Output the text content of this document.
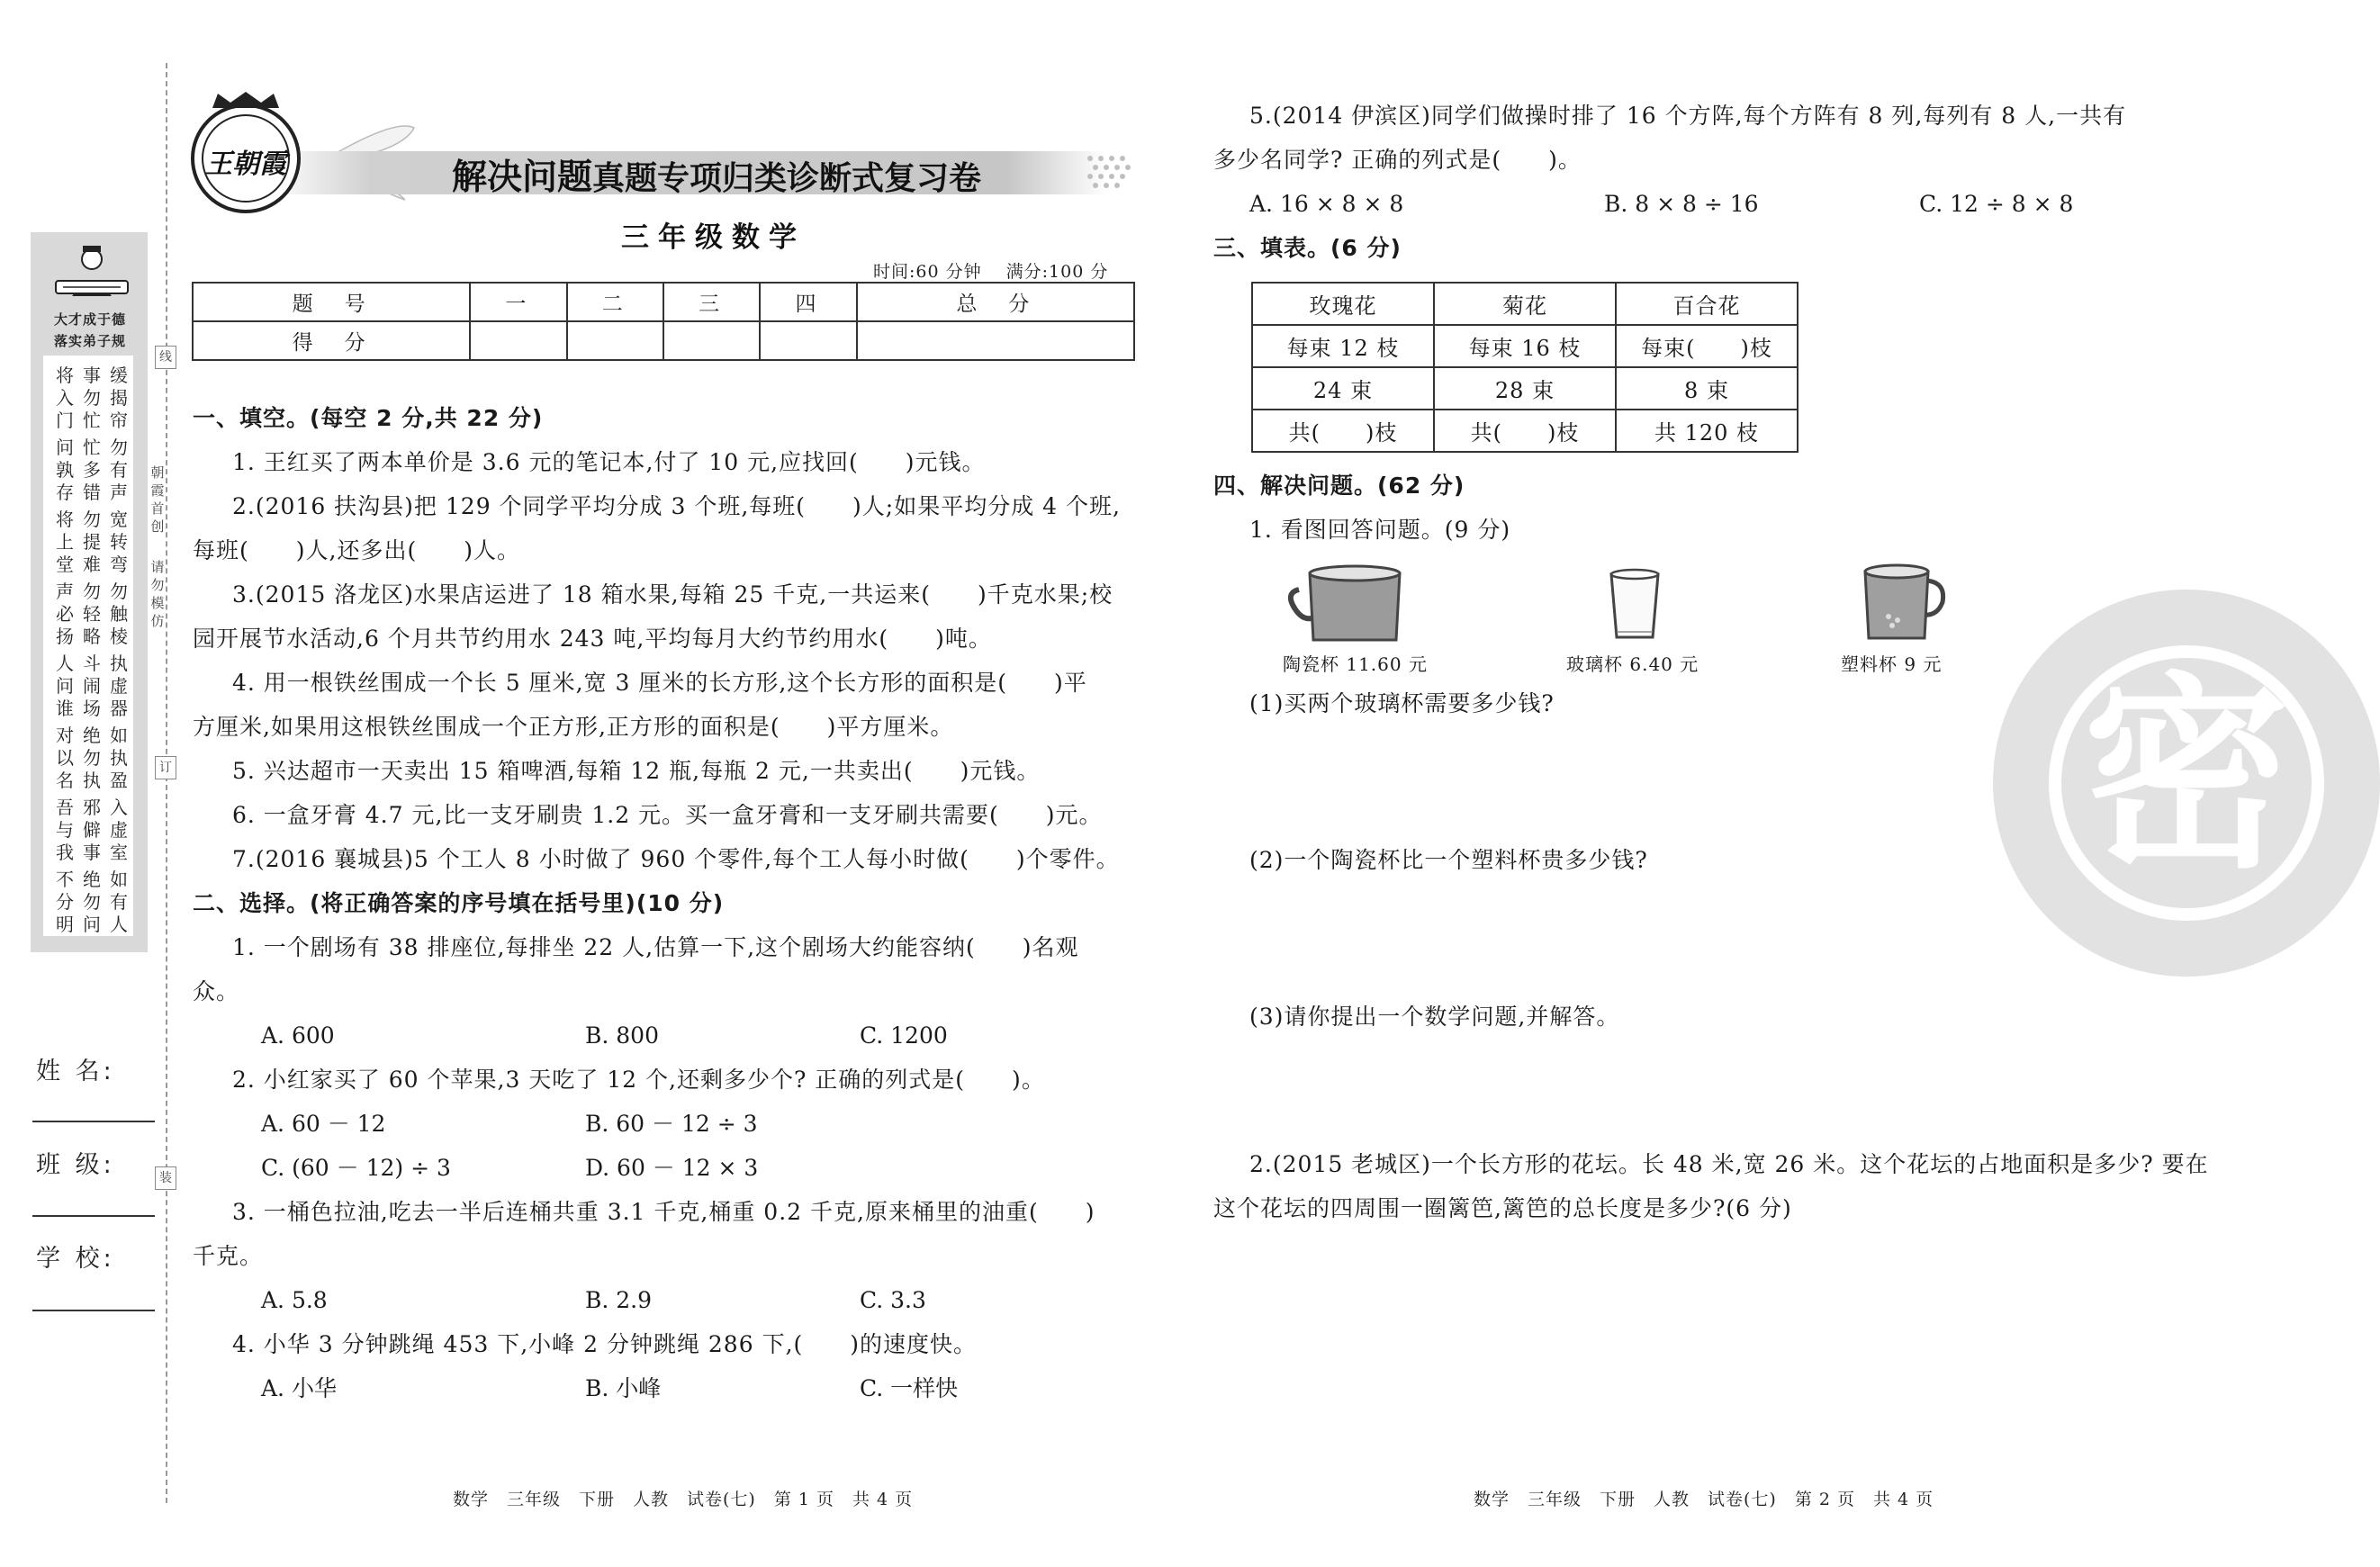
线
订
装
朝霞首创
请勿模仿
大才成于德
落实弟子规
将入门
事勿忙
缓揭帘
问孰存
忙多错
勿有声
将上堂
勿提难
宽转弯
声必扬
勿轻略
勿触棱
人问谁
斗闹场
执虚器
对以名
绝勿执
如执盈
吾与我
邪僻事
入虚室
不分明
绝勿问
如有人
姓 名:
班 级:
学 校:
王朝霞	解决问题真题专项归类诊断式复习卷
三年级数学
时间:60 分钟　 满分:100 分
题　号	一	二	三	四	总　分
得　分					
一、填空。(每空 2 分,共 22 分)
1. 王红买了两本单价是 3.6 元的笔记本,付了 10 元,应找回(　　)元钱。
2.(2016 扶沟县)把 129 个同学平均分成 3 个班,每班(　　)人;如果平均分成 4 个班,
每班(　　)人,还多出(　　)人。
3.(2015 洛龙区)水果店运进了 18 箱水果,每箱 25 千克,一共运来(　　)千克水果;校
园开展节水活动,6 个月共节约用水 243 吨,平均每月大约节约用水(　　)吨。
4. 用一根铁丝围成一个长 5 厘米,宽 3 厘米的长方形,这个长方形的面积是(　　)平
方厘米,如果用这根铁丝围成一个正方形,正方形的面积是(　　)平方厘米。
5. 兴达超市一天卖出 15 箱啤酒,每箱 12 瓶,每瓶 2 元,一共卖出(　　)元钱。
6. 一盒牙膏 4.7 元,比一支牙刷贵 1.2 元。买一盒牙膏和一支牙刷共需要(　　)元。
7.(2016 襄城县)5 个工人 8 小时做了 960 个零件,每个工人每小时做(　　)个零件。
二、选择。(将正确答案的序号填在括号里)(10 分)
1. 一个剧场有 38 排座位,每排坐 22 人,估算一下,这个剧场大约能容纳(　　)名观
众。
A. 600	B. 800	C. 1200
2. 小红家买了 60 个苹果,3 天吃了 12 个,还剩多少个? 正确的列式是(　　)。
A. 60 － 12	B. 60 － 12 ÷ 3
C. (60 － 12) ÷ 3	D. 60 － 12 × 3
3. 一桶色拉油,吃去一半后连桶共重 3.1 千克,桶重 0.2 千克,原来桶里的油重(　　)
千克。
A. 5.8	B. 2.9	C. 3.3
4. 小华 3 分钟跳绳 453 下,小峰 2 分钟跳绳 286 下,(　　)的速度快。
A. 小华	B. 小峰	C. 一样快
5.(2014 伊滨区)同学们做操时排了 16 个方阵,每个方阵有 8 列,每列有 8 人,一共有
多少名同学? 正确的列式是(　　)。
A. 16 × 8 × 8	B. 8 × 8 ÷ 16	C. 12 ÷ 8 × 8
三、填表。(6 分)
玫瑰花	菊花	百合花
每束 12 枝	每束 16 枝	每束(　　)枝
24 束	28 束	8 束
共(　　)枝	共(　　)枝	共 120 枝
四、解决问题。(62 分)
1. 看图回答问题。(9 分)
陶瓷杯 11.60 元	玻璃杯 6.40 元	塑料杯 9 元
(1)买两个玻璃杯需要多少钱?
(2)一个陶瓷杯比一个塑料杯贵多少钱?
(3)请你提出一个数学问题,并解答。
2.(2015 老城区)一个长方形的花坛。长 48 米,宽 26 米。这个花坛的占地面积是多少? 要在
这个花坛的四周围一圈篱笆,篱笆的总长度是多少?(6 分)
密
数学　三年级　下册　人教　试卷(七)　第 1 页　共 4 页	数学　三年级　下册　人教　试卷(七)　第 2 页　共 4 页
